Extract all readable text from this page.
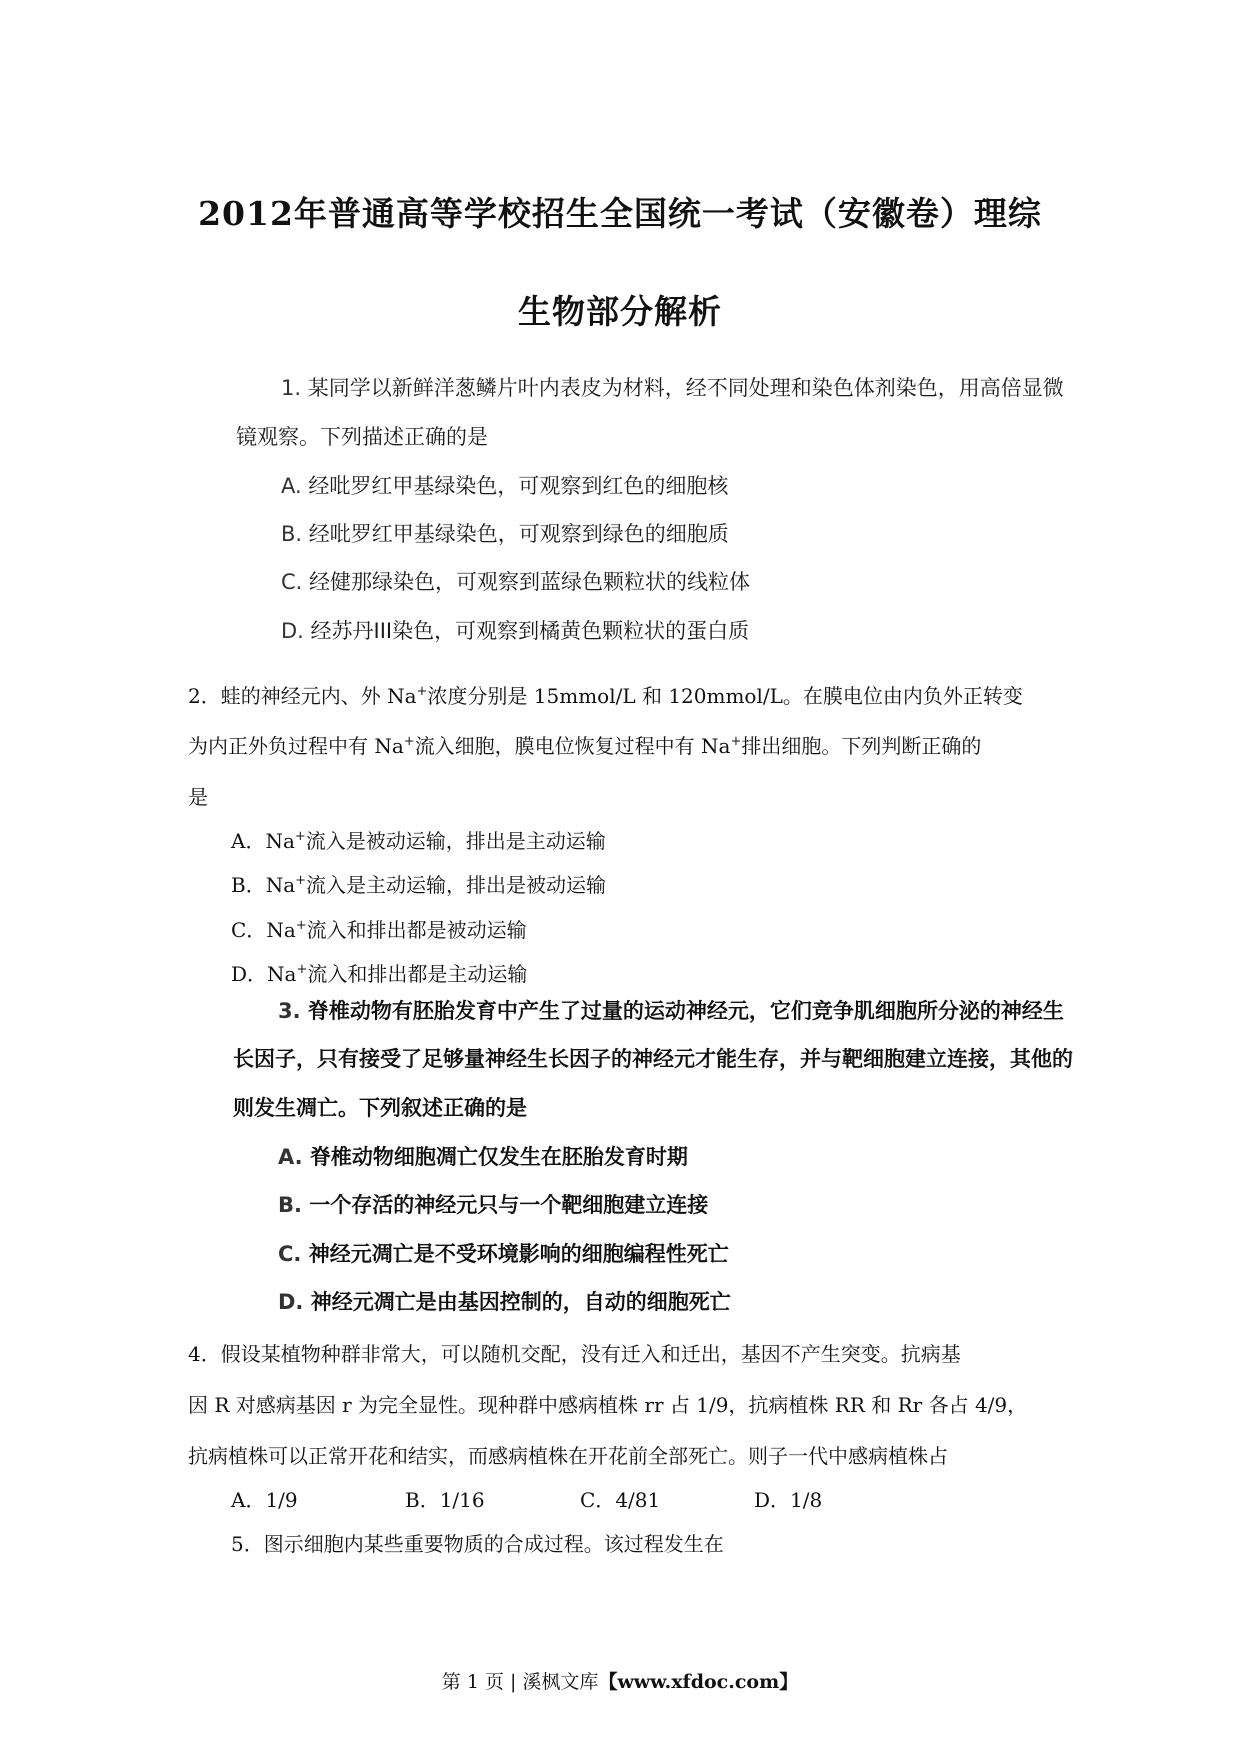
2012年普通高等学校招生全国统一考试（安徽卷）理综
生物部分解析
1. 某同学以新鲜洋葱鳞片叶内表皮为材料，经不同处理和染色体剂染色，用高倍显微
镜观察。下列描述正确的是
A. 经吡罗红甲基绿染色，可观察到红色的细胞核
B. 经吡罗红甲基绿染色，可观察到绿色的细胞质
C. 经健那绿染色，可观察到蓝绿色颗粒状的线粒体
D. 经苏丹III染色，可观察到橘黄色颗粒状的蛋白质
2．蛙的神经元内、外 Na+浓度分别是 15mmol/L 和 120mmol/L。在膜电位由内负外正转变
为内正外负过程中有 Na+流入细胞，膜电位恢复过程中有 Na+排出细胞。下列判断正确的
是
A．Na+流入是被动运输，排出是主动运输
B．Na+流入是主动运输，排出是被动运输
C．Na+流入和排出都是被动运输
D．Na+流入和排出都是主动运输
3. 脊椎动物有胚胎发育中产生了过量的运动神经元，它们竞争肌细胞所分泌的神经生
长因子，只有接受了足够量神经生长因子的神经元才能生存，并与靶细胞建立连接，其他的
则发生凋亡。下列叙述正确的是
A. 脊椎动物细胞凋亡仅发生在胚胎发育时期
B. 一个存活的神经元只与一个靶细胞建立连接
C. 神经元凋亡是不受环境影响的细胞编程性死亡
D. 神经元凋亡是由基因控制的，自动的细胞死亡
4．假设某植物种群非常大，可以随机交配，没有迁入和迁出，基因不产生突变。抗病基
因 R 对感病基因 r 为完全显性。现种群中感病植株 rr 占 1/9，抗病植株 RR 和 Rr 各占 4/9，
抗病植株可以正常开花和结实，而感病植株在开花前全部死亡。则子一代中感病植株占
A．1/9	B．1/16	C．4/81	D．1/8
5．图示细胞内某些重要物质的合成过程。该过程发生在
第 1 页 | 溪枫文库【www.xfdoc.com】
